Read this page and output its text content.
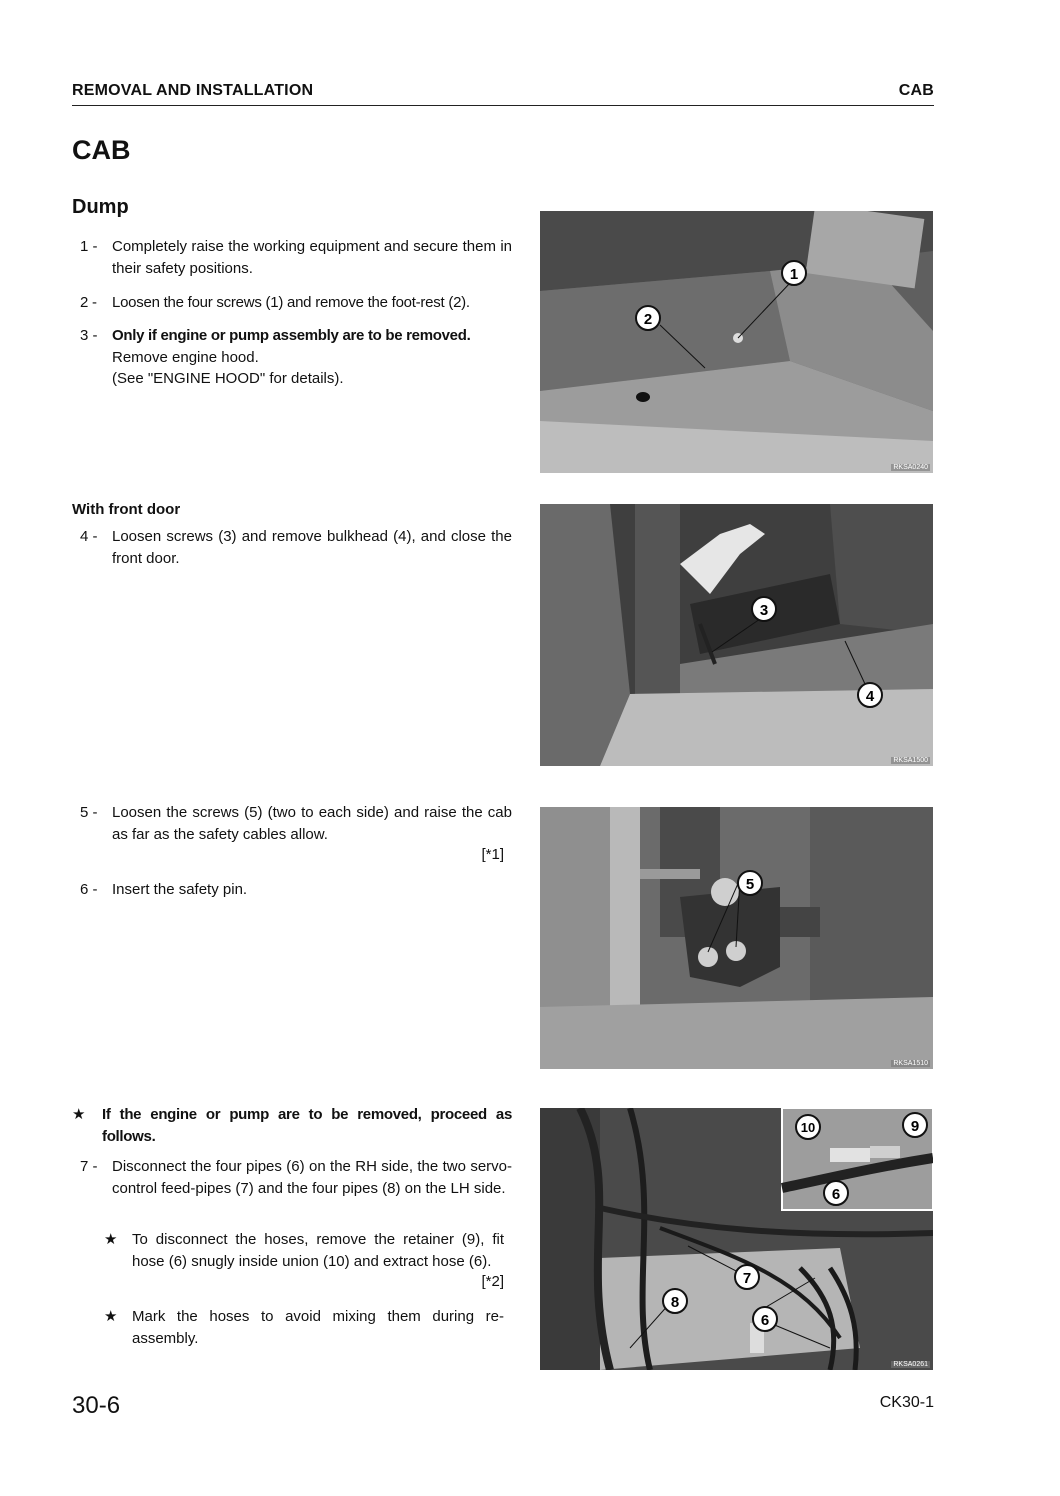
REMOVAL AND INSTALLATION	CAB
CAB
Dump
1 - Completely raise the working equipment and secure them in their safety positions.
2 - Loosen the four screws (1) and remove the foot-rest (2).
3 - Only if engine or pump assembly are to be removed.
Remove engine hood.
(See "ENGINE HOOD" for details).
1
2
RKSA0240
With front door
4 - Loosen screws (3) and remove bulkhead (4), and close the front door.
3
4
RKSA1500
5 - Loosen the screws (5) (two to each side) and raise the cab as far as the safety cables allow.
[*1]
6 - Insert the safety pin.	5
RKSA1510
★ If the engine or pump are to be removed, proceed as follows.
7 - Disconnect the four pipes (6) on the RH side, the two servo-control feed-pipes (7) and the four pipes (8) on the LH side.
★ To disconnect the hoses, remove the retainer (9), fit hose (6) snugly inside union (10) and extract hose (6).
[*2]
★ Mark the hoses to avoid mixing them during re-assembly.
10	9
6
7
8
6
RKSA0261
30-6	CK30-1
